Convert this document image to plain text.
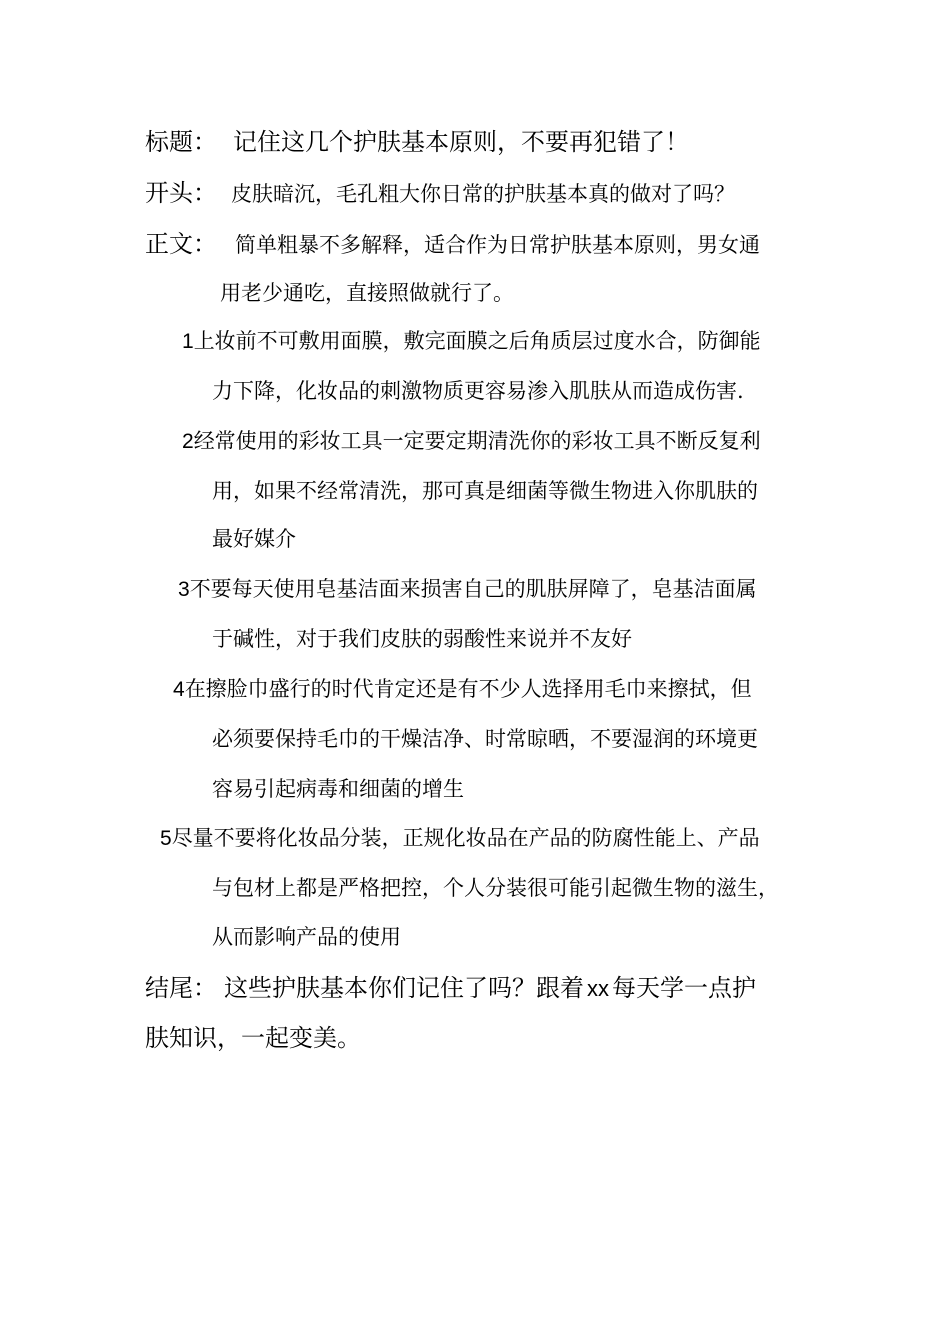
标题： 记住这几个护肤基本原则，不要再犯错了！
开头： 皮肤暗沉，毛孔粗大你日常的护肤基本真的做对了吗？
正文： 简单粗暴不多解释，适合作为日常护肤基本原则，男女通
用老少通吃，直接照做就行了。
1上妆前不可敷用面膜，敷完面膜之后角质层过度水合，防御能
力下降，化妆品的刺激物质更容易渗入肌肤从而造成伤害.
2经常使用的彩妆工具一定要定期清洗你的彩妆工具不断反复利
用，如果不经常清洗，那可真是细菌等微生物进入你肌肤的
最好媒介
3不要每天使用皂基洁面来损害自己的肌肤屏障了，皂基洁面属
于碱性，对于我们皮肤的弱酸性来说并不友好
4在擦脸巾盛行的时代肯定还是有不少人选择用毛巾来擦拭，但
必须要保持毛巾的干燥洁净、时常晾晒，不要湿润的环境更
容易引起病毒和细菌的增生
5尽量不要将化妆品分装，正规化妆品在产品的防腐性能上、产品
与包材上都是严格把控，个人分装很可能引起微生物的滋生，
从而影响产品的使用
结尾： 这些护肤基本你们记住了吗？跟着 xx 每天学一点护
肤知识，一起变美。
